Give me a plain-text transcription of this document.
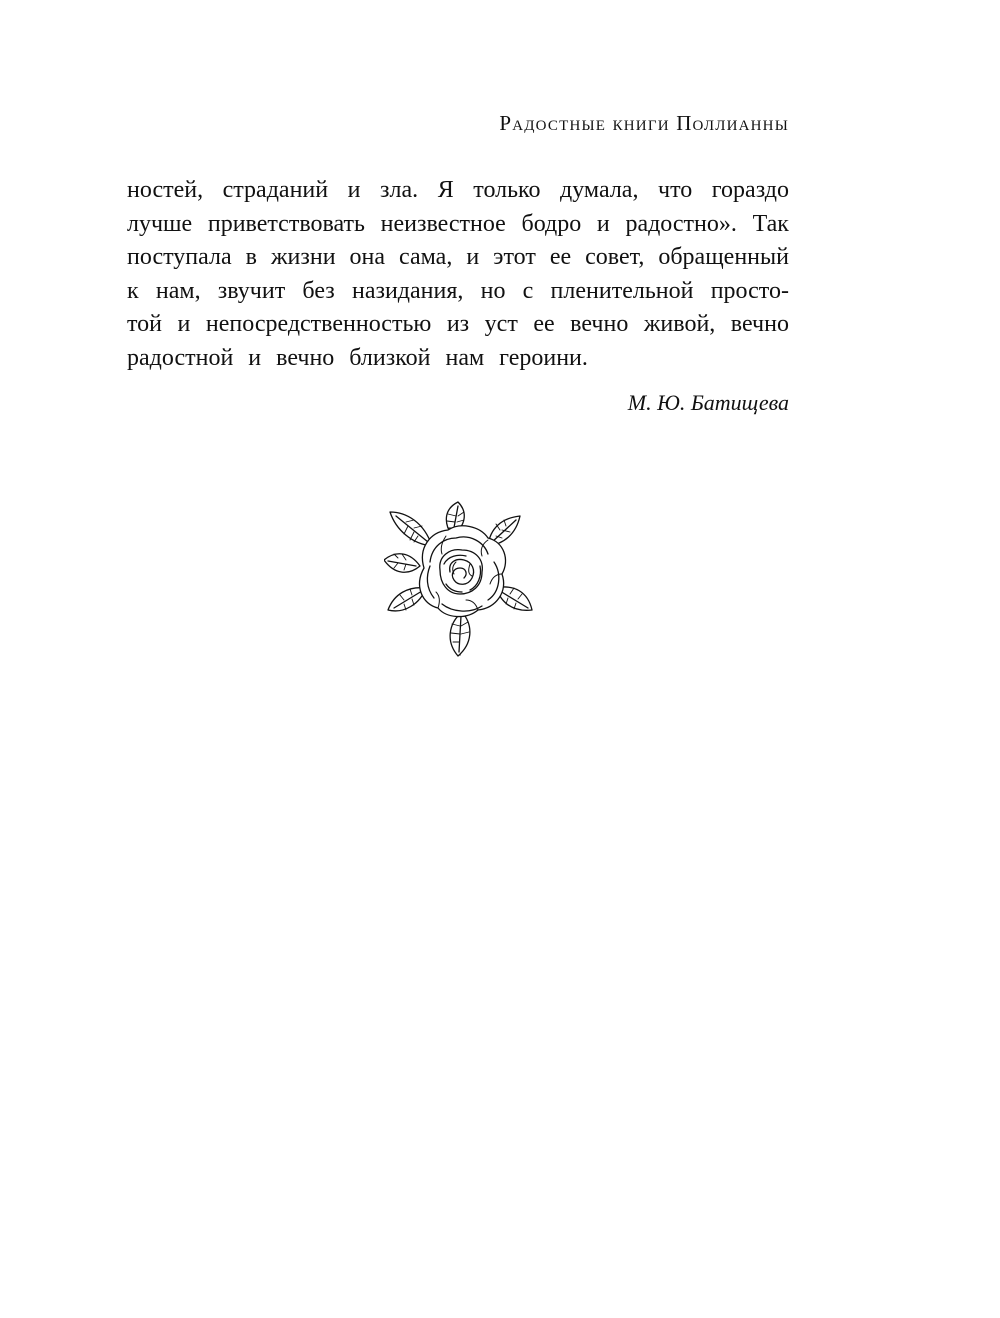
Радостные книги Поллианны
ностей, страданий и зла. Я только думала, что гораздо
лучше приветствовать неизвестное бодро и радостно». Так
поступала в жизни она сама, и этот ее совет, обращенный
к нам, звучит без назидания, но с пленительной просто-
той и непосредственностью из уст ее вечно живой, вечно
радостной и вечно близкой нам героини.
М. Ю. Батищева
